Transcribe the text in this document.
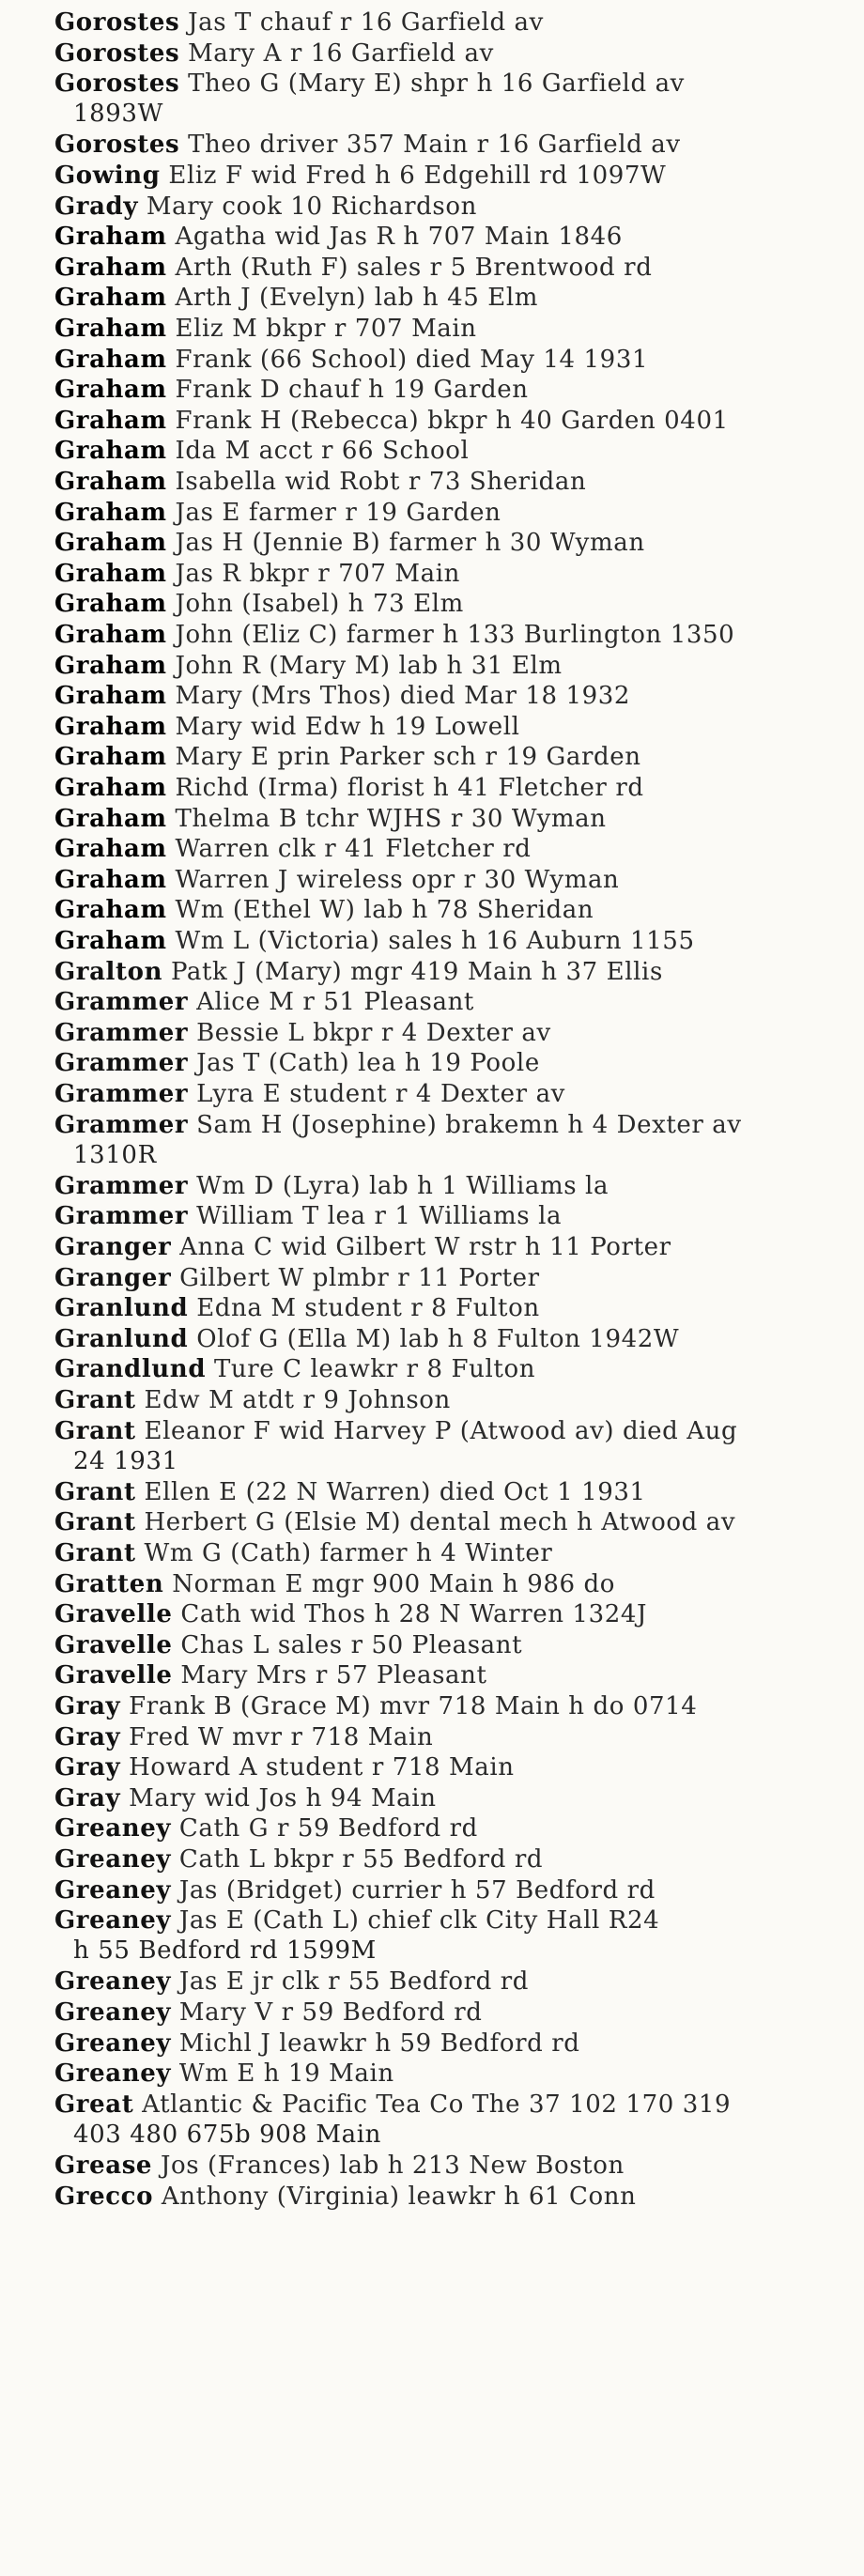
Gorostes Jas T chauf r 16 Garfield av
Gorostes Mary A r 16 Garfield av
Gorostes Theo G (Mary E) shpr h 16 Garfield av
1893W
Gorostes Theo driver 357 Main r 16 Garfield av
Gowing Eliz F wid Fred h 6 Edgehill rd 1097W
Grady Mary cook 10 Richardson
Graham Agatha wid Jas R h 707 Main 1846
Graham Arth (Ruth F) sales r 5 Brentwood rd
Graham Arth J (Evelyn) lab h 45 Elm
Graham Eliz M bkpr r 707 Main
Graham Frank (66 School) died May 14 1931
Graham Frank D chauf h 19 Garden
Graham Frank H (Rebecca) bkpr h 40 Garden 0401
Graham Ida M acct r 66 School
Graham Isabella wid Robt r 73 Sheridan
Graham Jas E farmer r 19 Garden
Graham Jas H (Jennie B) farmer h 30 Wyman
Graham Jas R bkpr r 707 Main
Graham John (Isabel) h 73 Elm
Graham John (Eliz C) farmer h 133 Burlington 1350
Graham John R (Mary M) lab h 31 Elm
Graham Mary (Mrs Thos) died Mar 18 1932
Graham Mary wid Edw h 19 Lowell
Graham Mary E prin Parker sch r 19 Garden
Graham Richd (Irma) florist h 41 Fletcher rd
Graham Thelma B tchr WJHS r 30 Wyman
Graham Warren clk r 41 Fletcher rd
Graham Warren J wireless opr r 30 Wyman
Graham Wm (Ethel W) lab h 78 Sheridan
Graham Wm L (Victoria) sales h 16 Auburn 1155
Gralton Patk J (Mary) mgr 419 Main h 37 Ellis
Grammer Alice M r 51 Pleasant
Grammer Bessie L bkpr r 4 Dexter av
Grammer Jas T (Cath) lea h 19 Poole
Grammer Lyra E student r 4 Dexter av
Grammer Sam H (Josephine) brakemn h 4 Dexter av
1310R
Grammer Wm D (Lyra) lab h 1 Williams la
Grammer William T lea r 1 Williams la
Granger Anna C wid Gilbert W rstr h 11 Porter
Granger Gilbert W plmbr r 11 Porter
Granlund Edna M student r 8 Fulton
Granlund Olof G (Ella M) lab h 8 Fulton 1942W
Grandlund Ture C leawkr r 8 Fulton
Grant Edw M atdt r 9 Johnson
Grant Eleanor F wid Harvey P (Atwood av) died Aug
24 1931
Grant Ellen E (22 N Warren) died Oct 1 1931
Grant Herbert G (Elsie M) dental mech h Atwood av
Grant Wm G (Cath) farmer h 4 Winter
Gratten Norman E mgr 900 Main h 986 do
Gravelle Cath wid Thos h 28 N Warren 1324J
Gravelle Chas L sales r 50 Pleasant
Gravelle Mary Mrs r 57 Pleasant
Gray Frank B (Grace M) mvr 718 Main h do 0714
Gray Fred W mvr r 718 Main
Gray Howard A student r 718 Main
Gray Mary wid Jos h 94 Main
Greaney Cath G r 59 Bedford rd
Greaney Cath L bkpr r 55 Bedford rd
Greaney Jas (Bridget) currier h 57 Bedford rd
Greaney Jas E (Cath L) chief clk City Hall R24
h 55 Bedford rd 1599M
Greaney Jas E jr clk r 55 Bedford rd
Greaney Mary V r 59 Bedford rd
Greaney Michl J leawkr h 59 Bedford rd
Greaney Wm E h 19 Main
Great Atlantic & Pacific Tea Co The 37 102 170 319
403 480 675b 908 Main
Grease Jos (Frances) lab h 213 New Boston
Grecco Anthony (Virginia) leawkr h 61 Conn
